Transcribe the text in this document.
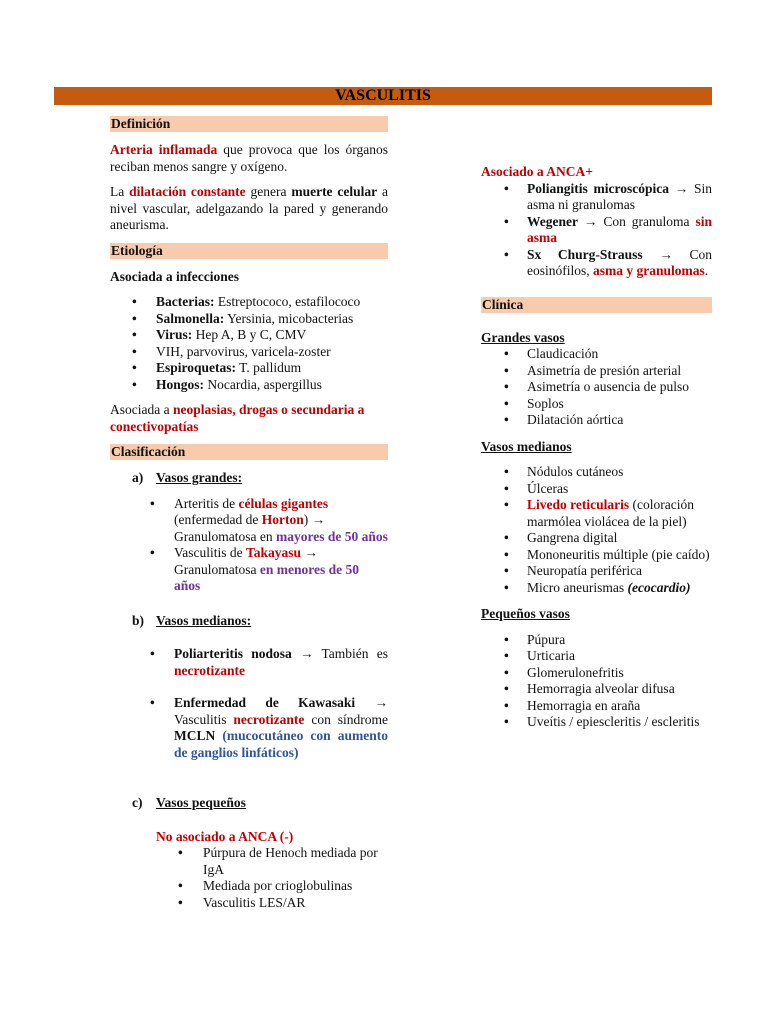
VASCULITIS
Definición

Arteria inflamada que provoca que los órganos reciban menos sangre y oxígeno.

La dilatación constante genera muerte celular a nivel vascular, adelgazando la pared y generando aneurisma.

Etiología

Asociada a infecciones

• Bacterias: Estreptococo, estafilococo
• Salmonella: Yersinia, micobacterias
• Virus: Hep A, B y C, CMV
• VIH, parvovirus, varicela-zoster
• Espiroquetas: T. pallidum
• Hongos: Nocardia, aspergillus

Asociada a neoplasias, drogas o secundaria a conectivopatías

Clasificación

a) Vasos grandes:

• Arteritis de células gigantes (enfermedad de Horton) → Granulomatosa en mayores de 50 años
• Vasculitis de Takayasu → Granulomatosa en menores de 50 años

b) Vasos medianos:

• Poliarteritis nodosa → También es necrotizante
• Enfermedad de Kawasaki → Vasculitis necrotizante con síndrome MCLN (mucocutáneo con aumento de ganglios linfáticos)

c) Vasos pequeños

No asociado a ANCA (-)

• Púrpura de Henoch mediada por IgA
• Mediada por crioglobulinas
• Vasculitis LES/AR

Asociado a ANCA+

• Poliangitis microscópica → Sin asma ni granulomas
• Wegener → Con granuloma sin asma
• Sx Churg-Strauss → Con eosinófilos, asma y granulomas.
Clínica

Grandes vasos

• Claudicación
• Asimetría de presión arterial
• Asimetría o ausencia de pulso
• Soplos
• Dilatación aórtica

Vasos medianos

• Nódulos cutáneos
• Úlceras
• Livedo reticularis (coloración marmólea violácea de la piel)
• Gangrena digital
• Mononeuritis múltiple (pie caído)
• Neuropatía periférica
• Micro aneurismas (ecocardio)

Pequeños vasos

• Púpura
• Urticaria
• Glomerulonefritis
• Hemorragia alveolar difusa
• Hemorragia en araña
• Uveítis / epiescleritis / escleritis
